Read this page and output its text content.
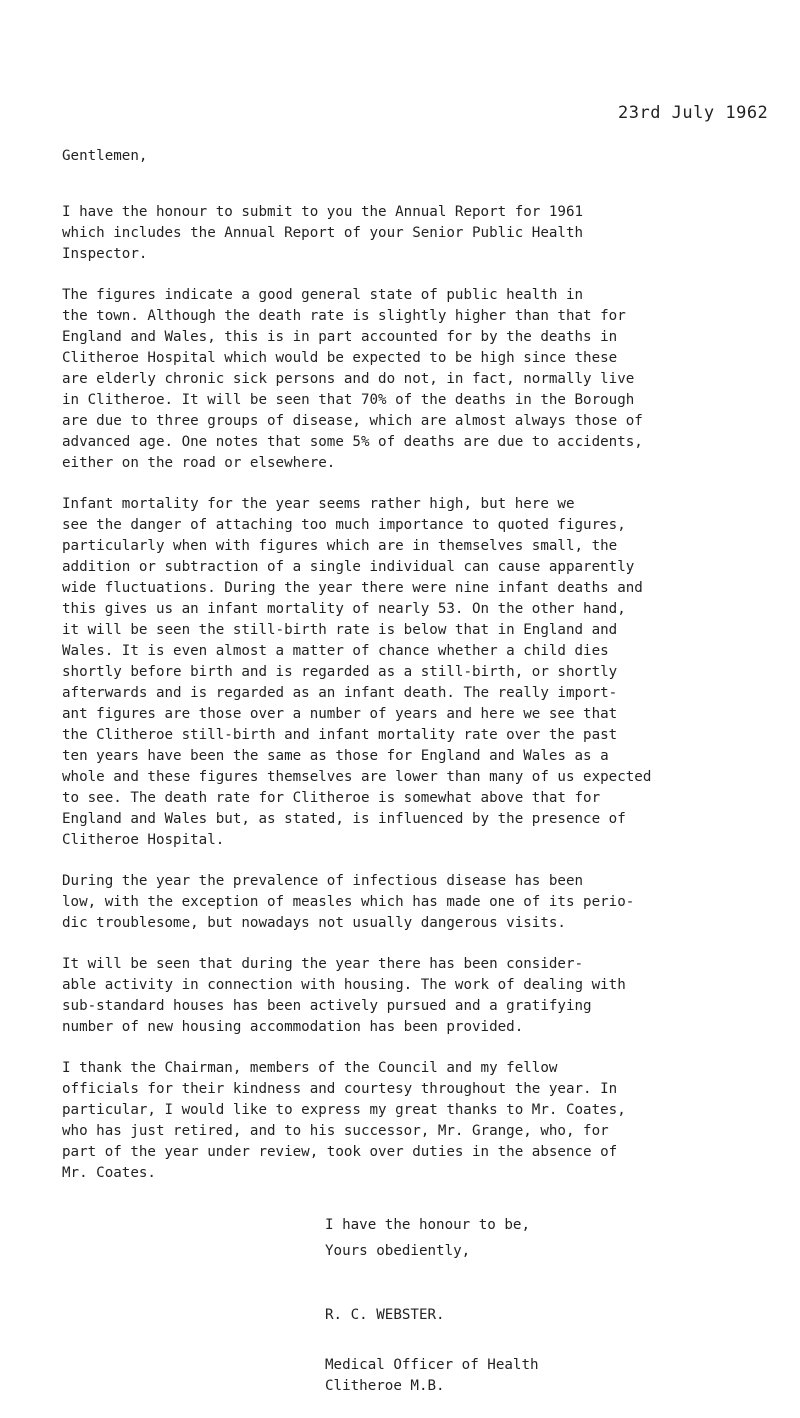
23rd July 1962
Gentlemen,

I have the honour to submit to you the Annual Report for 1961
which includes the Annual Report of your Senior Public Health
Inspector.

The figures indicate a good general state of public health in
the town. Although the death rate is slightly higher than that for
England and Wales, this is in part accounted for by the deaths in
Clitheroe Hospital which would be expected to be high since these
are elderly chronic sick persons and do not, in fact, normally live
in Clitheroe. It will be seen that 70% of the deaths in the Borough
are due to three groups of disease, which are almost always those of
advanced age. One notes that some 5% of deaths are due to accidents,
either on the road or elsewhere.

Infant mortality for the year seems rather high, but here we
see the danger of attaching too much importance to quoted figures,
particularly when with figures which are in themselves small, the
addition or subtraction of a single individual can cause apparently
wide fluctuations. During the year there were nine infant deaths and
this gives us an infant mortality of nearly 53. On the other hand,
it will be seen the still-birth rate is below that in England and
Wales. It is even almost a matter of chance whether a child dies
shortly before birth and is regarded as a still-birth, or shortly
afterwards and is regarded as an infant death. The really import-
ant figures are those over a number of years and here we see that
the Clitheroe still-birth and infant mortality rate over the past
ten years have been the same as those for England and Wales as a
whole and these figures themselves are lower than many of us expected
to see. The death rate for Clitheroe is somewhat above that for
England and Wales but, as stated, is influenced by the presence of
Clitheroe Hospital.

During the year the prevalence of infectious disease has been
low, with the exception of measles which has made one of its perio-
dic troublesome, but nowadays not usually dangerous visits.

It will be seen that during the year there has been consider-
able activity in connection with housing. The work of dealing with
sub-standard houses has been actively pursued and a gratifying
number of new housing accommodation has been provided.

I thank the Chairman, members of the Council and my fellow
officials for their kindness and courtesy throughout the year. In
particular, I would like to express my great thanks to Mr. Coates,
who has just retired, and to his successor, Mr. Grange, who, for
part of the year under review, took over duties in the absence of
Mr. Coates.

I have the honour to be,
Yours obediently,
R. C. WEBSTER.
Medical Officer of Health
Clitheroe M.B.
